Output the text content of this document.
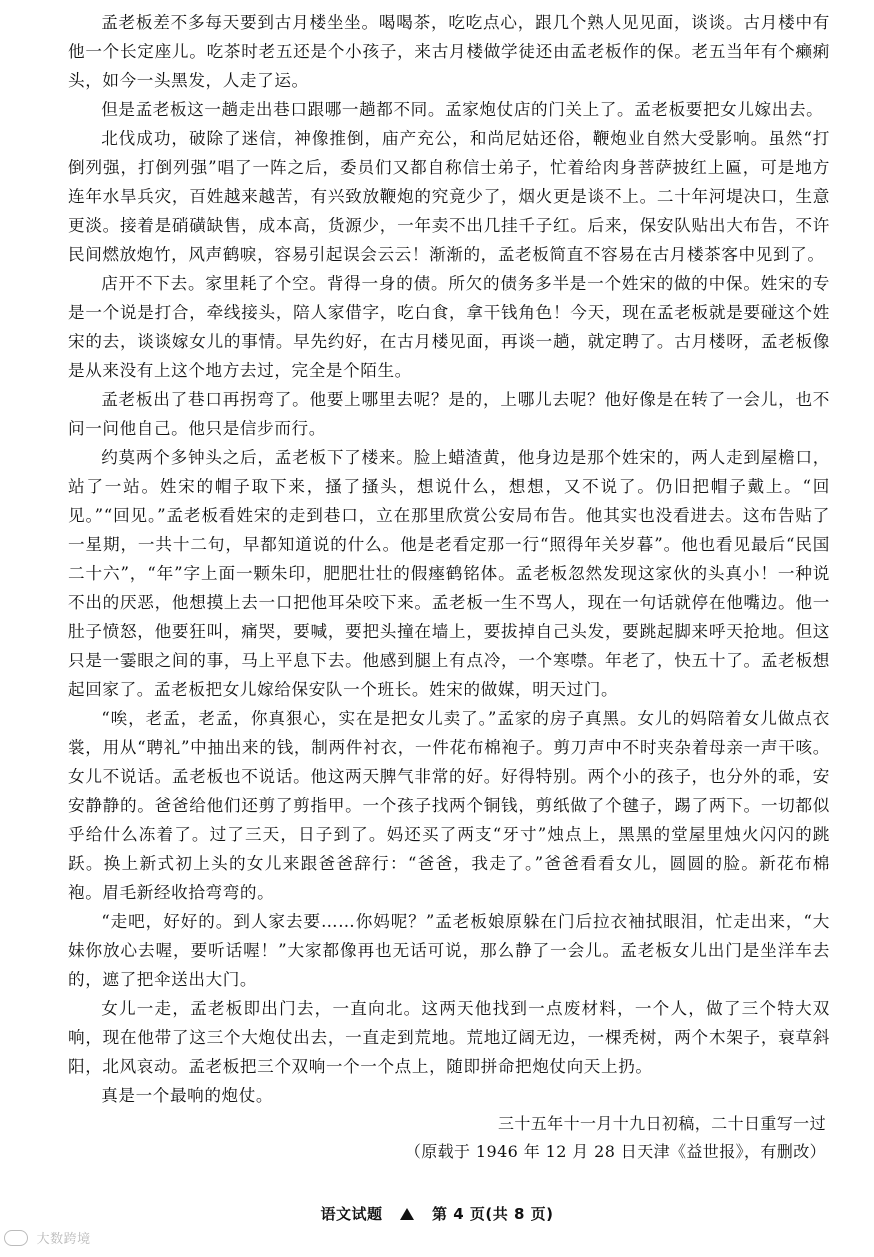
孟老板差不多每天要到古月楼坐坐。喝喝茶，吃吃点心，跟几个熟人见见面，谈谈。古月楼中有他一个长定座儿。吃茶时老五还是个小孩子，来古月楼做学徒还由孟老板作的保。老五当年有个癞痢头，如今一头黑发，人走了运。

但是孟老板这一趟走出巷口跟哪一趟都不同。孟家炮仗店的门关上了。孟老板要把女儿嫁出去。

北伐成功，破除了迷信，神像推倒，庙产充公，和尚尼姑还俗，鞭炮业自然大受影响。虽然“打倒列强，打倒列强”唱了一阵之后，委员们又都自称信士弟子，忙着给肉身菩萨披红上匾，可是地方连年水旱兵灾，百姓越来越苦，有兴致放鞭炮的究竟少了，烟火更是谈不上。二十年河堤决口，生意更淡。接着是硝磺缺售，成本高，货源少，一年卖不出几挂千子红。后来，保安队贴出大布告，不许民间燃放炮竹，风声鹤唳，容易引起误会云云！渐渐的，孟老板简直不容易在古月楼茶客中见到了。

店开不下去。家里耗了个空。背得一身的债。所欠的债务多半是一个姓宋的做的中保。姓宋的专是一个说是打合，牵线接头，陪人家借字，吃白食，拿干钱角色！今天，现在孟老板就是要碰这个姓宋的去，谈谈嫁女儿的事情。早先约好，在古月楼见面，再谈一趟，就定聘了。古月楼呀，孟老板像是从来没有上这个地方去过，完全是个陌生。

孟老板出了巷口再拐弯了。他要上哪里去呢？是的，上哪儿去呢？他好像是在转了一会儿，也不问一问他自己。他只是信步而行。

约莫两个多钟头之后，孟老板下了楼来。脸上蜡渣黄，他身边是那个姓宋的，两人走到屋檐口，站了一站。姓宋的帽子取下来，搔了搔头，想说什么，想想，又不说了。仍旧把帽子戴上。“回见。”“回见。”孟老板看姓宋的走到巷口，立在那里欣赏公安局布告。他其实也没看进去。这布告贴了一星期，一共十二句，早都知道说的什么。他是老看定那一行“照得年关岁暮”。他也看见最后“民国二十六”，“年”字上面一颗朱印，肥肥壮壮的假瘞鹤铭体。孟老板忽然发现这家伙的头真小！一种说不出的厌恶，他想摸上去一口把他耳朵咬下来。孟老板一生不骂人，现在一句话就停在他嘴边。他一肚子愤怒，他要狂叫，痛哭，要喊，要把头撞在墙上，要拔掉自己头发，要跳起脚来呼天抢地。但这只是一霎眼之间的事，马上平息下去。他感到腿上有点冷，一个寒噤。年老了，快五十了。孟老板想起回家了。孟老板把女儿嫁给保安队一个班长。姓宋的做媒，明天过门。

“唉，老孟，老孟，你真狠心，实在是把女儿卖了。”孟家的房子真黑。女儿的妈陪着女儿做点衣裳，用从“聘礼”中抽出来的钱，制两件衬衣，一件花布棉袍子。剪刀声中不时夹杂着母亲一声干咳。女儿不说话。孟老板也不说话。他这两天脾气非常的好。好得特别。两个小的孩子，也分外的乖，安安静静的。爸爸给他们还剪了剪指甲。一个孩子找两个铜钱，剪纸做了个毽子，踢了两下。一切都似乎给什么冻着了。过了三天，日子到了。妈还买了两支“牙寸”烛点上，黑黑的堂屋里烛火闪闪的跳跃。换上新式初上头的女儿来跟爸爸辞行：“爸爸，我走了。”爸爸看看女儿，圆圆的脸。新花布棉袍。眉毛新经收拾弯弯的。

“走吧，好好的。到人家去要……你妈呢？”孟老板娘原躲在门后拉衣袖拭眼泪，忙走出来，“大妹你放心去喔，要听话喔！”大家都像再也无话可说，那么静了一会儿。孟老板女儿出门是坐洋车去的，遮了把伞送出大门。

女儿一走，孟老板即出门去，一直向北。这两天他找到一点废材料，一个人，做了三个特大双响，现在他带了这三个大炮仗出去，一直走到荒地。荒地辽阔无边，一棵秃树，两个木架子，衰草斜阳，北风哀动。孟老板把三个双响一个一个点上，随即拼命把炮仗向天上扔。

真是一个最响的炮仗。

三十五年十一月十九日初稿，二十日重写一过

（原载于 1946 年 12 月 28 日天津《益世报》，有删改）

语文试题	第 4 页(共 8 页)
大数跨境
